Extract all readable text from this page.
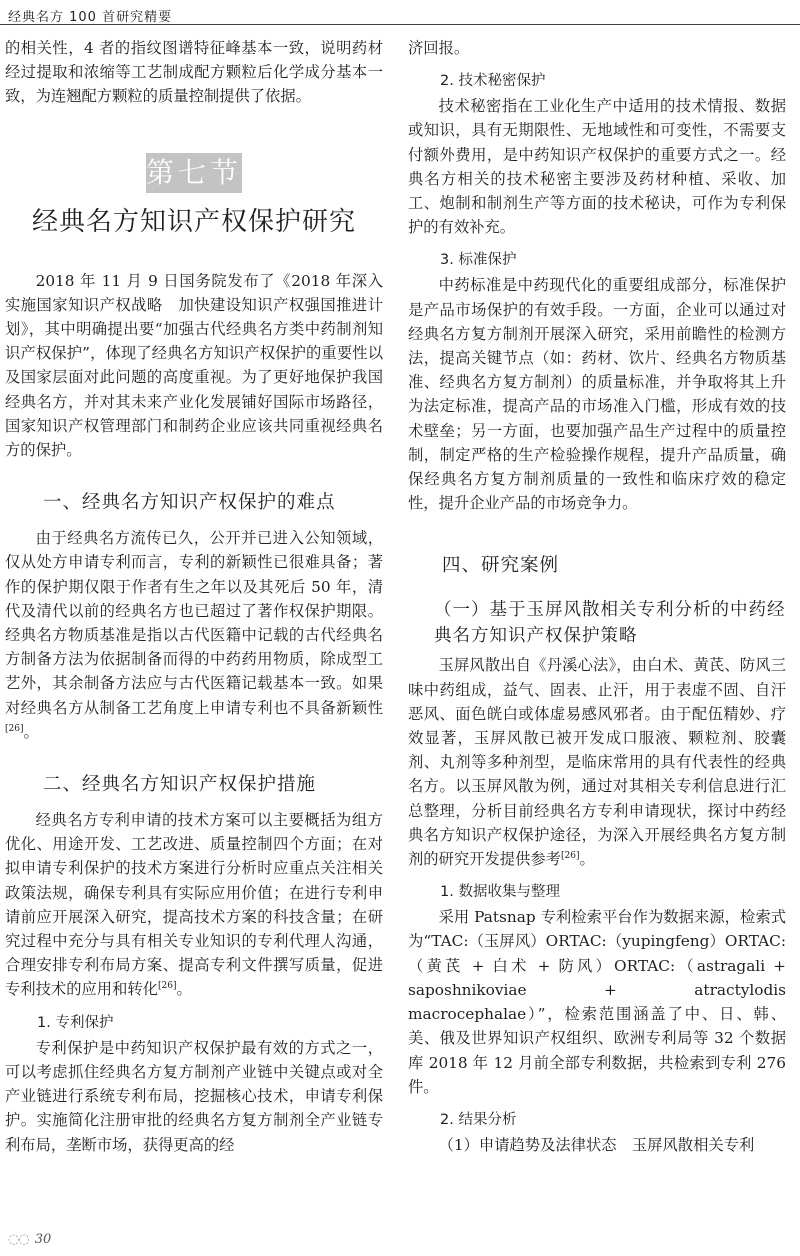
经典名方 100 首研究精要

的相关性，4 者的指纹图谱特征峰基本一致，说明药材经过提取和浓缩等工艺制成配方颗粒后化学成分基本一致，为连翘配方颗粒的质量控制提供了依据。

第七节
经典名方知识产权保护研究

2018 年 11 月 9 日国务院发布了《2018 年深入实施国家知识产权战略　加快建设知识产权强国推进计划》，其中明确提出要“加强古代经典名方类中药制剂知识产权保护”，体现了经典名方知识产权保护的重要性以及国家层面对此问题的高度重视。为了更好地保护我国经典名方，并对其未来产业化发展铺好国际市场路径，国家知识产权管理部门和制药企业应该共同重视经典名方的保护。

一、经典名方知识产权保护的难点

由于经典名方流传已久，公开并已进入公知领域，仅从处方申请专利而言，专利的新颖性已很难具备；著作的保护期仅限于作者有生之年以及其死后 50 年，清代及清代以前的经典名方也已超过了著作权保护期限。经典名方物质基准是指以古代医籍中记载的古代经典名方制备方法为依据制备而得的中药药用物质，除成型工艺外，其余制备方法应与古代医籍记载基本一致。如果对经典名方从制备工艺角度上申请专利也不具备新颖性[26]。

二、经典名方知识产权保护措施

经典名方专利申请的技术方案可以主要概括为组方优化、用途开发、工艺改进、质量控制四个方面；在对拟申请专利保护的技术方案进行分析时应重点关注相关政策法规，确保专利具有实际应用价值；在进行专利申请前应开展深入研究，提高技术方案的科技含量；在研究过程中充分与具有相关专业知识的专利代理人沟通，合理安排专利布局方案、提高专利文件撰写质量，促进专利技术的应用和转化[26]。

1. 专利保护

专利保护是中药知识产权保护最有效的方式之一，可以考虑抓住经典名方复方制剂产业链中关键点或对全产业链进行系统专利布局，挖掘核心技术，申请专利保护。实施简化注册审批的经典名方复方制剂全产业链专利布局，垄断市场，获得更高的经

济回报。

2. 技术秘密保护

技术秘密指在工业化生产中适用的技术情报、数据或知识，具有无期限性、无地域性和可变性，不需要支付额外费用，是中药知识产权保护的重要方式之一。经典名方相关的技术秘密主要涉及药材种植、采收、加工、炮制和制剂生产等方面的技术秘诀，可作为专利保护的有效补充。

3. 标准保护

中药标准是中药现代化的重要组成部分，标准保护是产品市场保护的有效手段。一方面，企业可以通过对经典名方复方制剂开展深入研究，采用前瞻性的检测方法，提高关键节点（如：药材、饮片、经典名方物质基准、经典名方复方制剂）的质量标准，并争取将其上升为法定标准，提高产品的市场准入门槛，形成有效的技术壁垒；另一方面，也要加强产品生产过程中的质量控制，制定严格的生产检验操作规程，提升产品质量，确保经典名方复方制剂质量的一致性和临床疗效的稳定性，提升企业产品的市场竞争力。

四、研究案例
（一）基于玉屏风散相关专利分析的中药经典名方知识产权保护策略

玉屏风散出自《丹溪心法》，由白术、黄芪、防风三味中药组成，益气、固表、止汗，用于表虚不固、自汗恶风、面色㿠白或体虚易感风邪者。由于配伍精妙、疗效显著，玉屏风散已被开发成口服液、颗粒剂、胶囊剂、丸剂等多种剂型，是临床常用的具有代表性的经典名方。以玉屏风散为例，通过对其相关专利信息进行汇总整理，分析目前经典名方专利申请现状，探讨中药经典名方知识产权保护途径，为深入开展经典名方复方制剂的研究开发提供参考[26]。

1. 数据收集与整理

采用 Patsnap 专利检索平台作为数据来源，检索式为“TAC:（玉屏风）ORTAC:（yupingfeng）ORTAC:（黄芪 + 白术 + 防风）ORTAC:（astragali + saposhnikoviae + atractylodis macrocephalae）”，检索范围涵盖了中、日、韩、美、俄及世界知识产权组织、欧洲专利局等 32 个数据库 2018 年 12 月前全部专利数据，共检索到专利 276 件。

2. 结果分析

（1）申请趋势及法律状态　玉屏风散相关专利

◌◌ 30
